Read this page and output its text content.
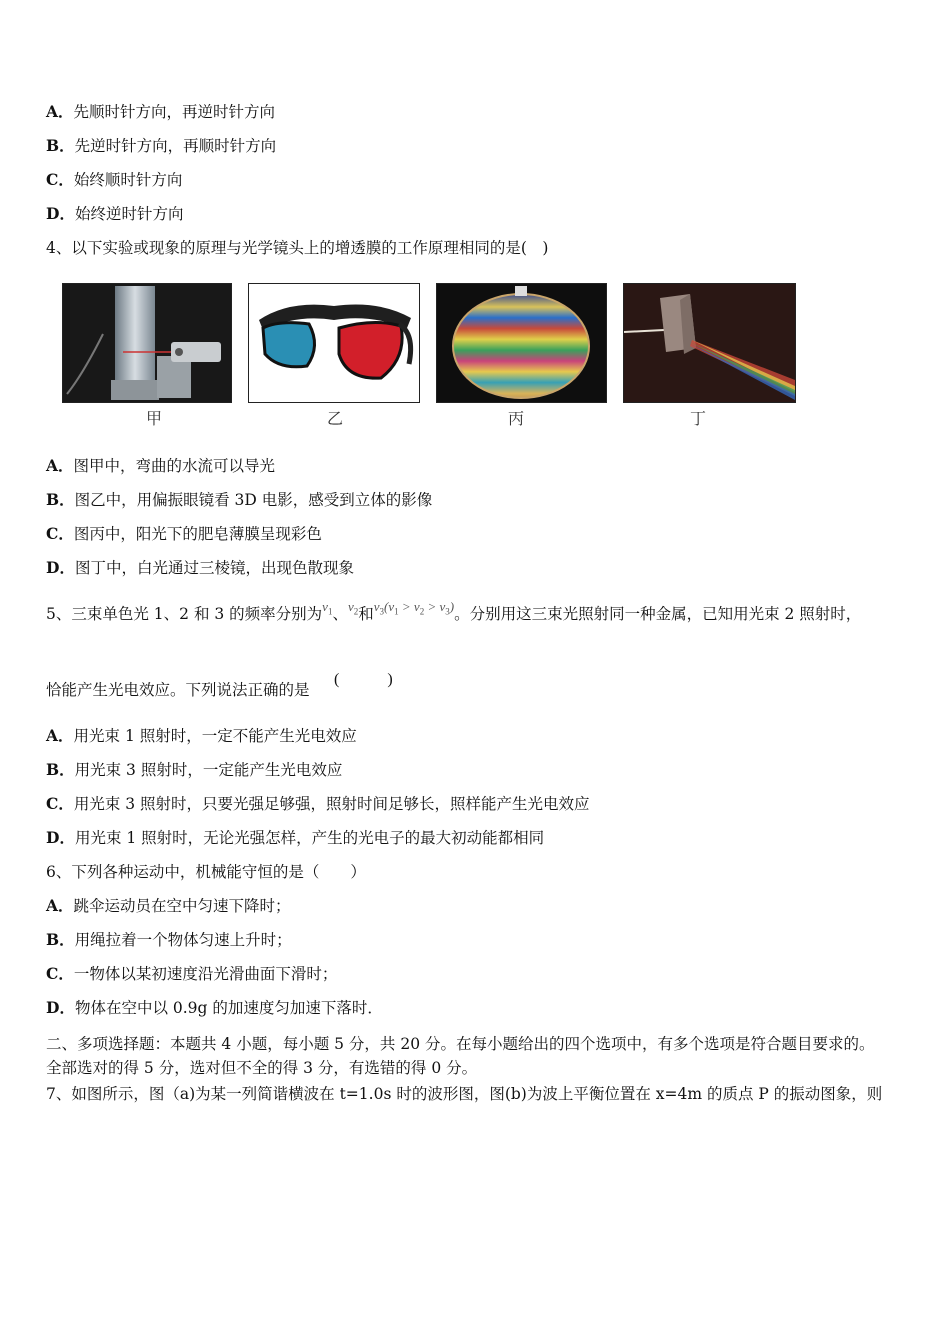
A．先顺时针方向，再逆时针方向
B．先逆时针方向，再顺时针方向
C．始终顺时针方向
D．始终逆时针方向
4、以下实验或现象的原理与光学镜头上的增透膜的工作原理相同的是(　)
甲	乙	丙	丁
A．图甲中，弯曲的水流可以导光
B．图乙中，用偏振眼镜看 3D 电影，感受到立体的影像
C．图丙中，阳光下的肥皂薄膜呈现彩色
D．图丁中，白光通过三棱镜，出现色散现象
5、三束单色光 1、2 和 3 的频率分别为$^{v_1}$、$^{v_2}$和$^{v_3(v_1 > v_2 > v_3)}$。分别用这三束光照射同一种金属，已知用光束 2 照射时，
恰能产生光电效应。下列说法正确的是
(　　　)
A．用光束 1 照射时，一定不能产生光电效应
B．用光束 3 照射时，一定能产生光电效应
C．用光束 3 照射时，只要光强足够强，照射时间足够长，照样能产生光电效应
D．用光束 1 照射时，无论光强怎样，产生的光电子的最大初动能都相同
6、下列各种运动中，机械能守恒的是（　　）
A．跳伞运动员在空中匀速下降时；
B．用绳拉着一个物体匀速上升时；
C．一物体以某初速度沿光滑曲面下滑时；
D．物体在空中以 0.9g 的加速度匀加速下落时．
二、多项选择题：本题共 4 小题，每小题 5 分，共 20 分。在每小题给出的四个选项中，有多个选项是符合题目要求的。
全部选对的得 5 分，选对但不全的得 3 分，有选错的得 0 分。
7、如图所示，图（a)为某一列简谐横波在 t=1.0s 时的波形图，图(b)为波上平衡位置在 x=4m 的质点 P 的振动图象，则
